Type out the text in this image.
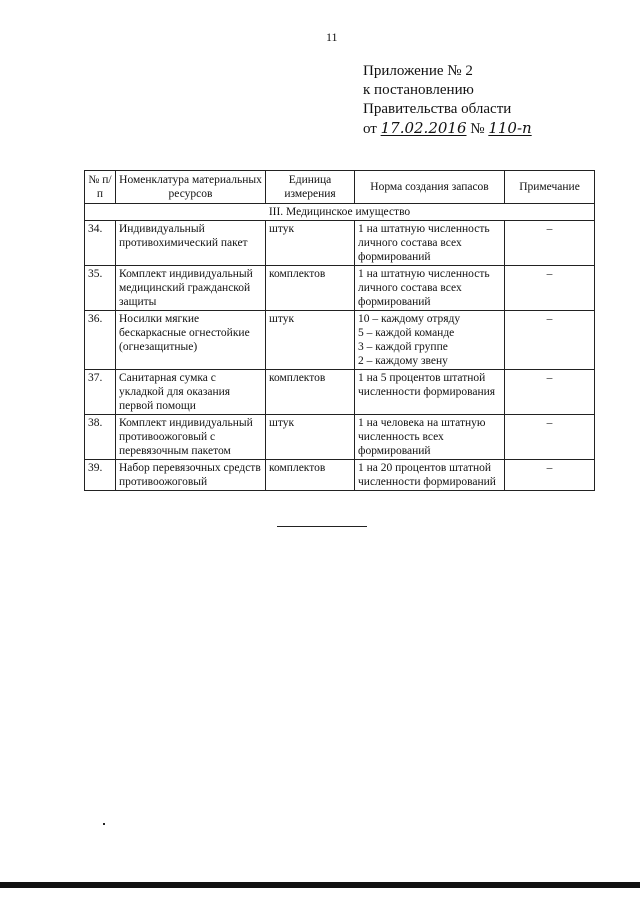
11
Приложение № 2
к постановлению
Правительства области
от 17.02.2016 № 110-п
№ п/п	Номенклатура материальных ресурсов	Единица измерения	Норма создания запасов	Примечание
III. Медицинское имущество				
34.	Индивидуальный противохимический пакет	штук	1 на штатную численность личного состава всех формирований	–
35.	Комплект индивидуальный медицинский гражданской защиты	комплектов	1 на штатную численность личного состава всех формирований	–
36.	Носилки мягкие бескаркасные огнестойкие (огнезащитные)	штук	10 – каждому отряду
5 – каждой команде
3 – каждой группе
2 – каждому звену	–
37.	Санитарная сумка с укладкой для оказания первой помощи	комплектов	1 на 5 процентов штатной численности формирования	–
38.	Комплект индивидуальный противоожоговый с перевязочным пакетом	штук	1 на человека на штатную численность всех формирований	–
39.	Набор перевязочных средств противоожоговый	комплектов	1 на 20 процентов штатной численности формирований	–
